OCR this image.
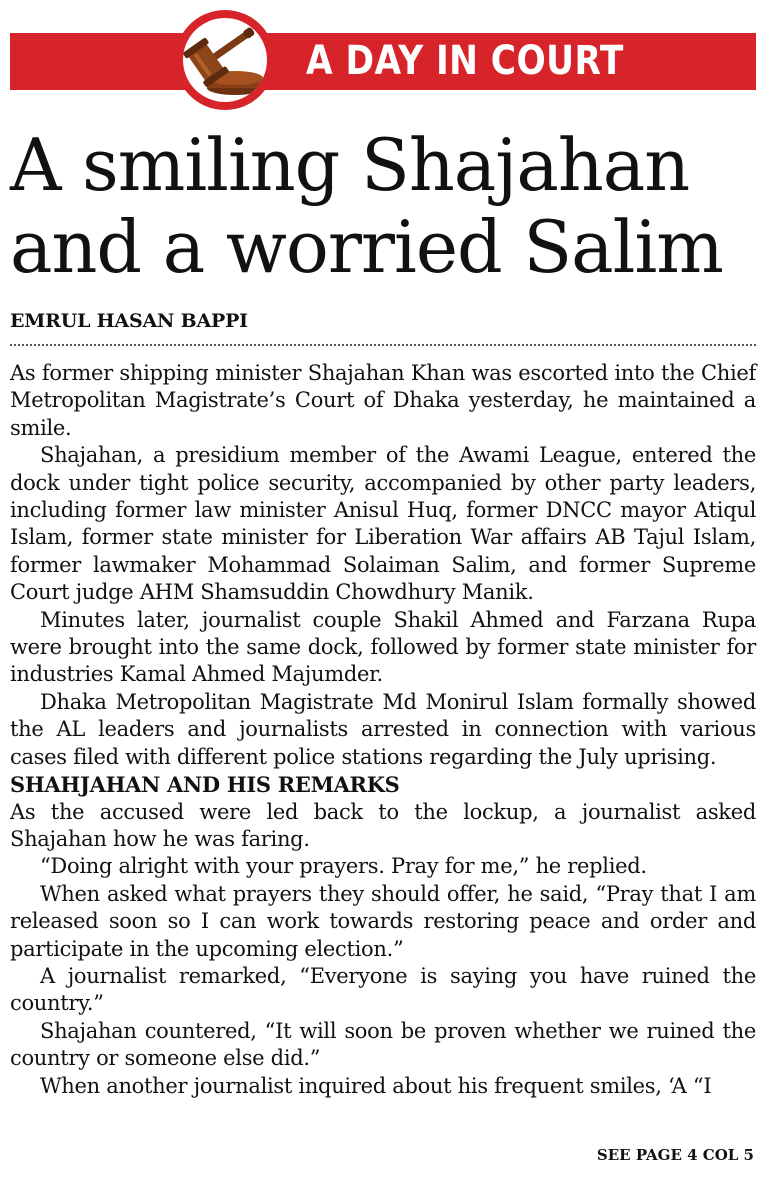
A DAY IN COURT
A smiling Shajahan
and a worried Salim
EMRUL HASAN BAPPI

As former shipping minister Shajahan Khan was escorted into the Chief Metropolitan Magistrate’s Court of Dhaka yesterday, he maintained a smile.

Shajahan, a presidium member of the Awami League, entered the dock under tight police security, accompanied by other party leaders, including former law minister Anisul Huq, former DNCC mayor Atiqul Islam, former state minister for Liberation War affairs AB Tajul Islam, former lawmaker Mohammad Solaiman Salim, and former Supreme Court judge AHM Shamsuddin Chowdhury Manik.

Minutes later, journalist couple Shakil Ahmed and Farzana Rupa were brought into the same dock, followed by former state minister for industries Kamal Ahmed Majumder.

Dhaka Metropolitan Magistrate Md Monirul Islam formally showed the AL leaders and journalists arrested in connection with various cases filed with different police stations regarding the July uprising.

SHAHJAHAN AND HIS REMARKS

As the accused were led back to the lockup, a journalist asked Shajahan how he was faring.

“Doing alright with your prayers. Pray for me,” he replied.

When asked what prayers they should offer, he said, “Pray that I am released soon so I can work towards restoring peace and order and participate in the upcoming election.”

A journalist remarked, “Everyone is saying you have ruined the country.”

Shajahan countered, “It will soon be proven whether we ruined the country or someone else did.”

When another journalist inquired about his frequent smiles, ‘A “I

SEE PAGE 4 COL 5
